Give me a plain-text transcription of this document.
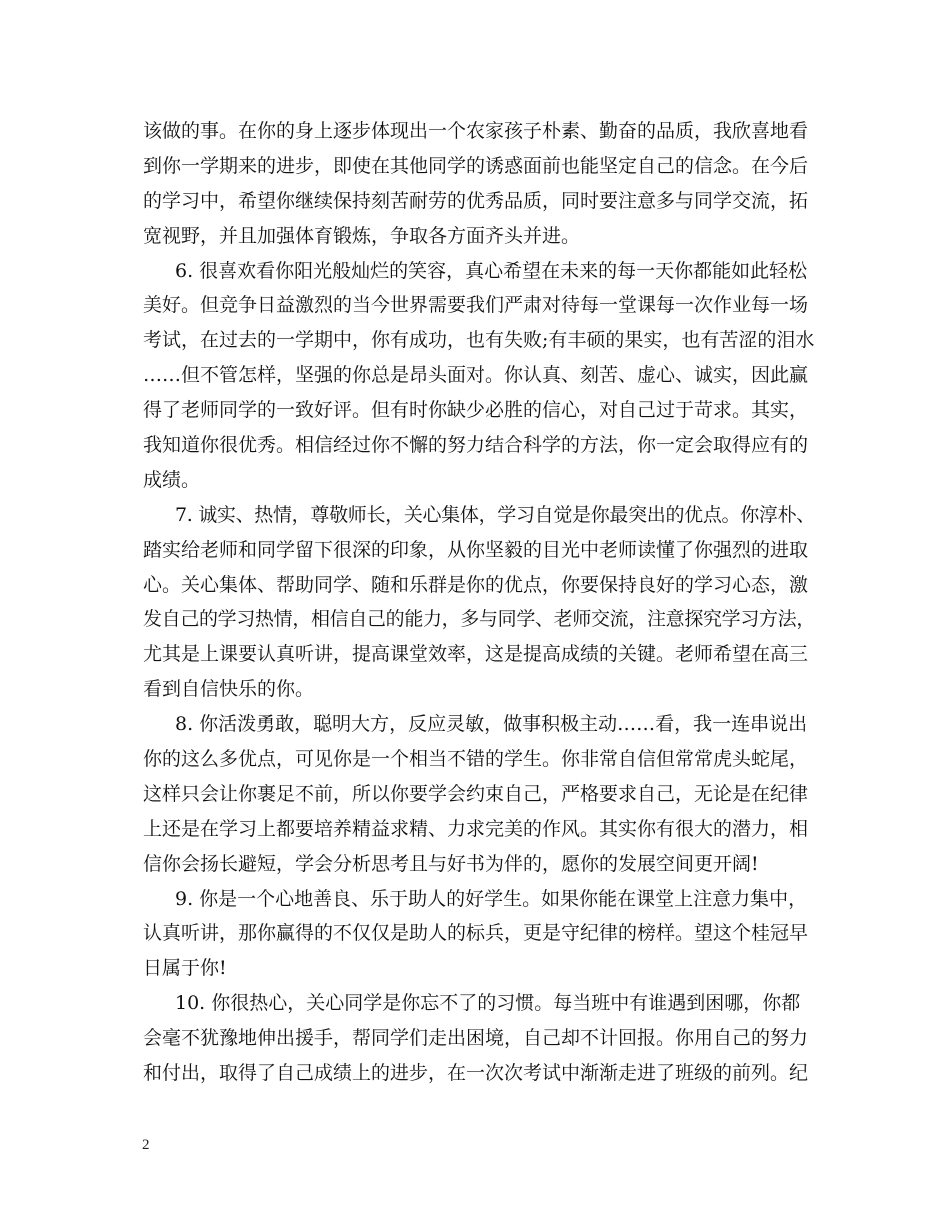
该做的事。在你的身上逐步体现出一个农家孩子朴素、勤奋的品质，我欣喜地看
到你一学期来的进步，即使在其他同学的诱惑面前也能坚定自己的信念。在今后
的学习中，希望你继续保持刻苦耐劳的优秀品质，同时要注意多与同学交流，拓
宽视野，并且加强体育锻炼，争取各方面齐头并进。
6. 很喜欢看你阳光般灿烂的笑容，真心希望在未来的每一天你都能如此轻松
美好。但竞争日益激烈的当今世界需要我们严肃对待每一堂课每一次作业每一场
考试，在过去的一学期中，你有成功，也有失败;有丰硕的果实，也有苦涩的泪水
……但不管怎样，坚强的你总是昂头面对。你认真、刻苦、虚心、诚实，因此赢
得了老师同学的一致好评。但有时你缺少必胜的信心，对自己过于苛求。其实，
我知道你很优秀。相信经过你不懈的努力结合科学的方法，你一定会取得应有的
成绩。
7. 诚实、热情，尊敬师长，关心集体，学习自觉是你最突出的优点。你淳朴、
踏实给老师和同学留下很深的印象，从你坚毅的目光中老师读懂了你强烈的进取
心。关心集体、帮助同学、随和乐群是你的优点，你要保持良好的学习心态，激
发自己的学习热情，相信自己的能力，多与同学、老师交流，注意探究学习方法，
尤其是上课要认真听讲，提高课堂效率，这是提高成绩的关键。老师希望在高三
看到自信快乐的你。
8. 你活泼勇敢，聪明大方，反应灵敏，做事积极主动……看，我一连串说出
你的这么多优点，可见你是一个相当不错的学生。你非常自信但常常虎头蛇尾，
这样只会让你裹足不前，所以你要学会约束自己，严格要求自己，无论是在纪律
上还是在学习上都要培养精益求精、力求完美的作风。其实你有很大的潜力，相
信你会扬长避短，学会分析思考且与好书为伴的，愿你的发展空间更开阔!
9. 你是一个心地善良、乐于助人的好学生。如果你能在课堂上注意力集中，
认真听讲，那你赢得的不仅仅是助人的标兵，更是守纪律的榜样。望这个桂冠早
日属于你!
10. 你很热心，关心同学是你忘不了的习惯。每当班中有谁遇到困哪，你都
会毫不犹豫地伸出援手，帮同学们走出困境，自己却不计回报。你用自己的努力
和付出，取得了自己成绩上的进步，在一次次考试中渐渐走进了班级的前列。纪
2
